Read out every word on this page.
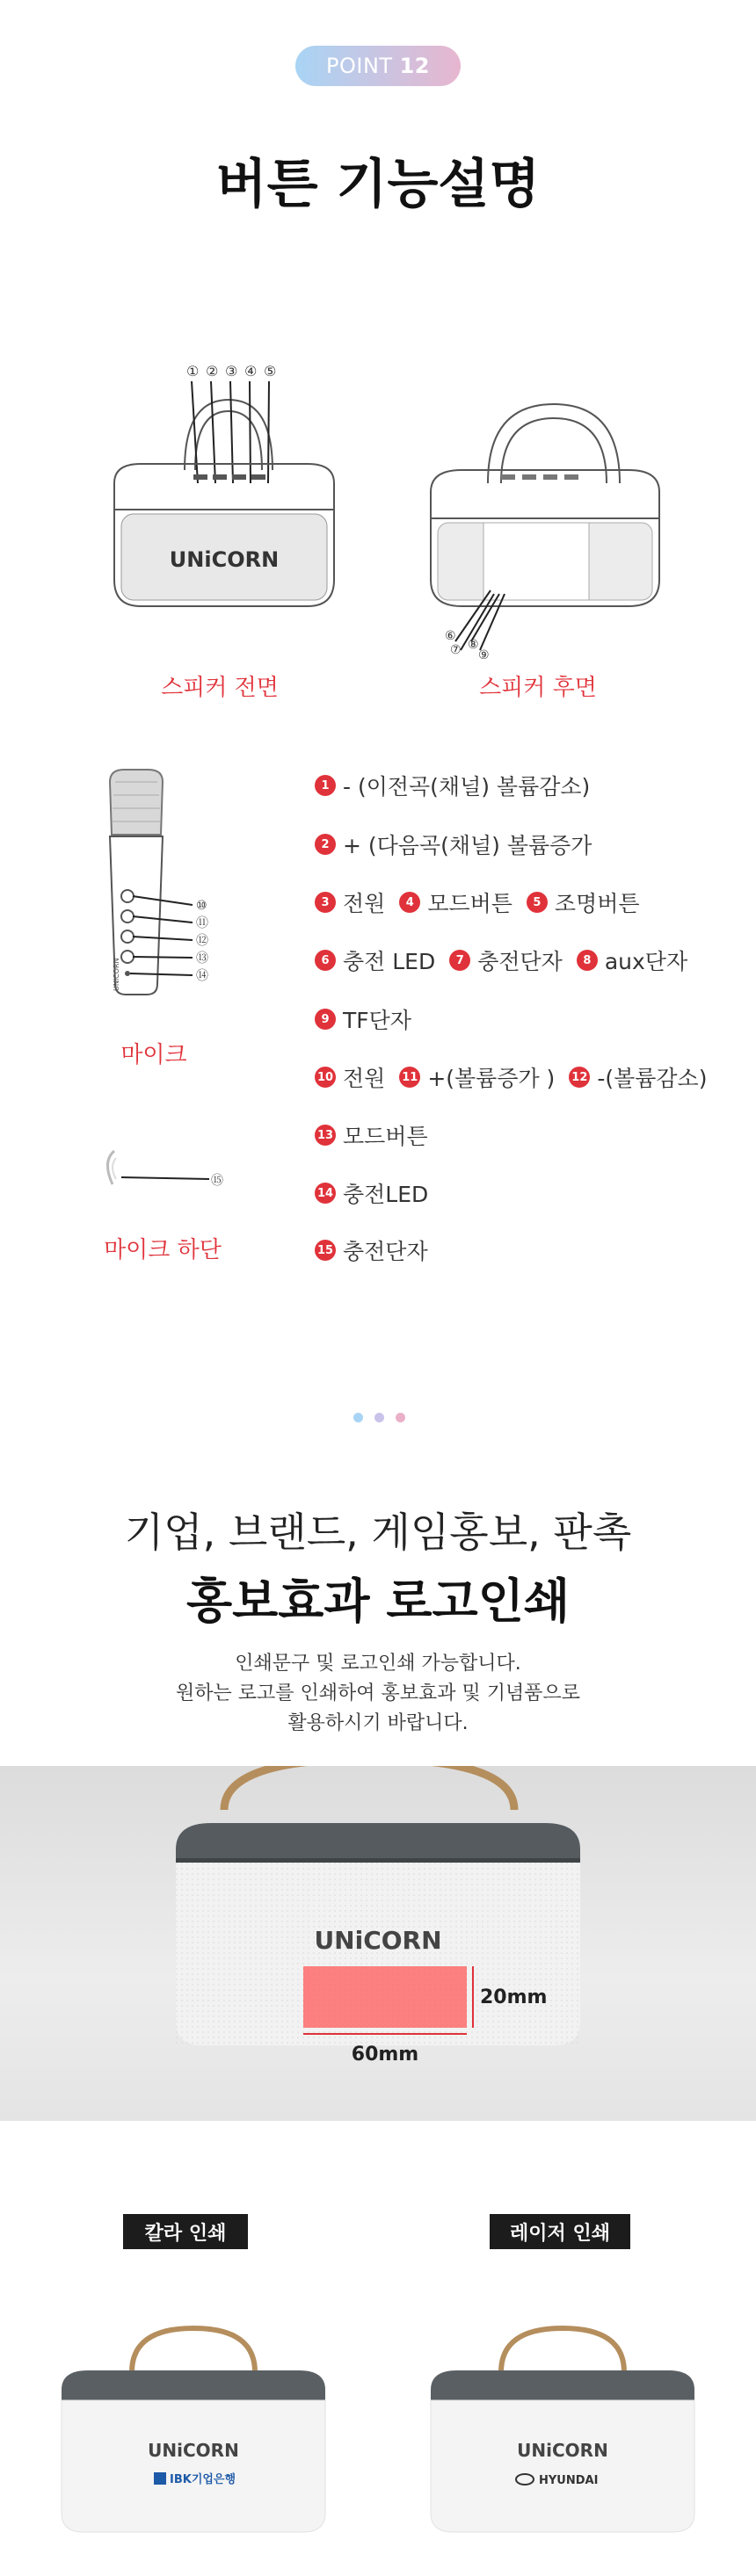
POINT 12
버튼 기능설명
① ② ③ ④ ⑤
UNiCORN
스피커 전면
⑥
⑦ ⑧
⑨
스피커 후면
⑩
⑪
⑫
⑬
⑭
UNiCORN
마이크
⑮
마이크 하단
1 - (이전곡(채널) 볼륨감소)
2 + (다음곡(채널) 볼륨증가
3 전원	4 모드버튼	5 조명버튼
6 충전 LED	7 충전단자	8 aux단자
9 TF단자
10 전원 11 +(볼륨증가 ) 12 -(볼륨감소)
13 모드버튼
14 충전LED
15 충전단자
기업, 브랜드, 게임홍보, 판촉
홍보효과 로고인쇄
인쇄문구 및 로고인쇄 가능합니다.
원하는 로고를 인쇄하여 홍보효과 및 기념품으로
활용하시기 바랍니다.
UNiCORN
20mm
60mm
칼라 인쇄	레이저 인쇄
UNiCORN
IBK기업은행
UNiCORN
HYUNDAI
